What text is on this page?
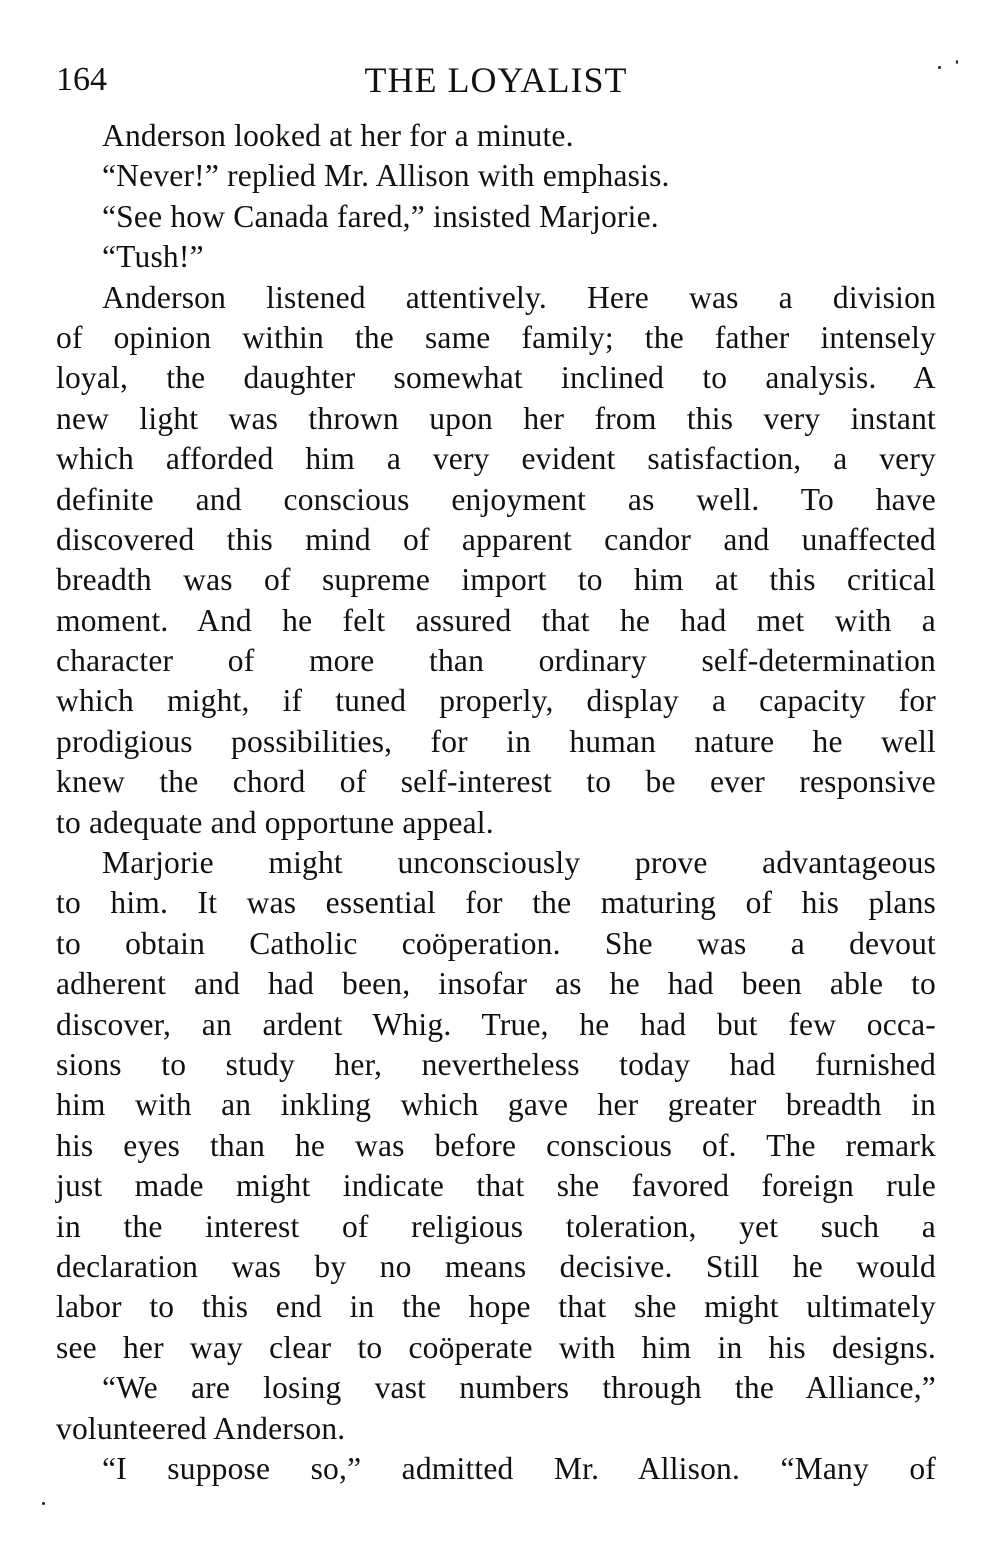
164	THE LOYALIST
Anderson looked at her for a minute.
“Never!” replied Mr. Allison with emphasis.
“See how Canada fared,” insisted Marjorie.
“Tush!”
Anderson listened attentively. Here was a division
of opinion within the same family; the father intensely
loyal, the daughter somewhat inclined to analysis. A
new light was thrown upon her from this very instant
which afforded him a very evident satisfaction, a very
definite and conscious enjoyment as well. To have
discovered this mind of apparent candor and unaffected
breadth was of supreme import to him at this critical
moment. And he felt assured that he had met with a
character of more than ordinary self-determination
which might, if tuned properly, display a capacity for
prodigious possibilities, for in human nature he well
knew the chord of self-interest to be ever responsive
to adequate and opportune appeal.
Marjorie might unconsciously prove advantageous
to him. It was essential for the maturing of his plans
to obtain Catholic coöperation. She was a devout
adherent and had been, insofar as he had been able to
discover, an ardent Whig. True, he had but few occa-
sions to study her, nevertheless today had furnished
him with an inkling which gave her greater breadth in
his eyes than he was before conscious of. The remark
just made might indicate that she favored foreign rule
in the interest of religious toleration, yet such a
declaration was by no means decisive. Still he would
labor to this end in the hope that she might ultimately
see her way clear to coöperate with him in his designs.
“We are losing vast numbers through the Alliance,”
volunteered Anderson.
“I suppose so,” admitted Mr. Allison. “Many of
